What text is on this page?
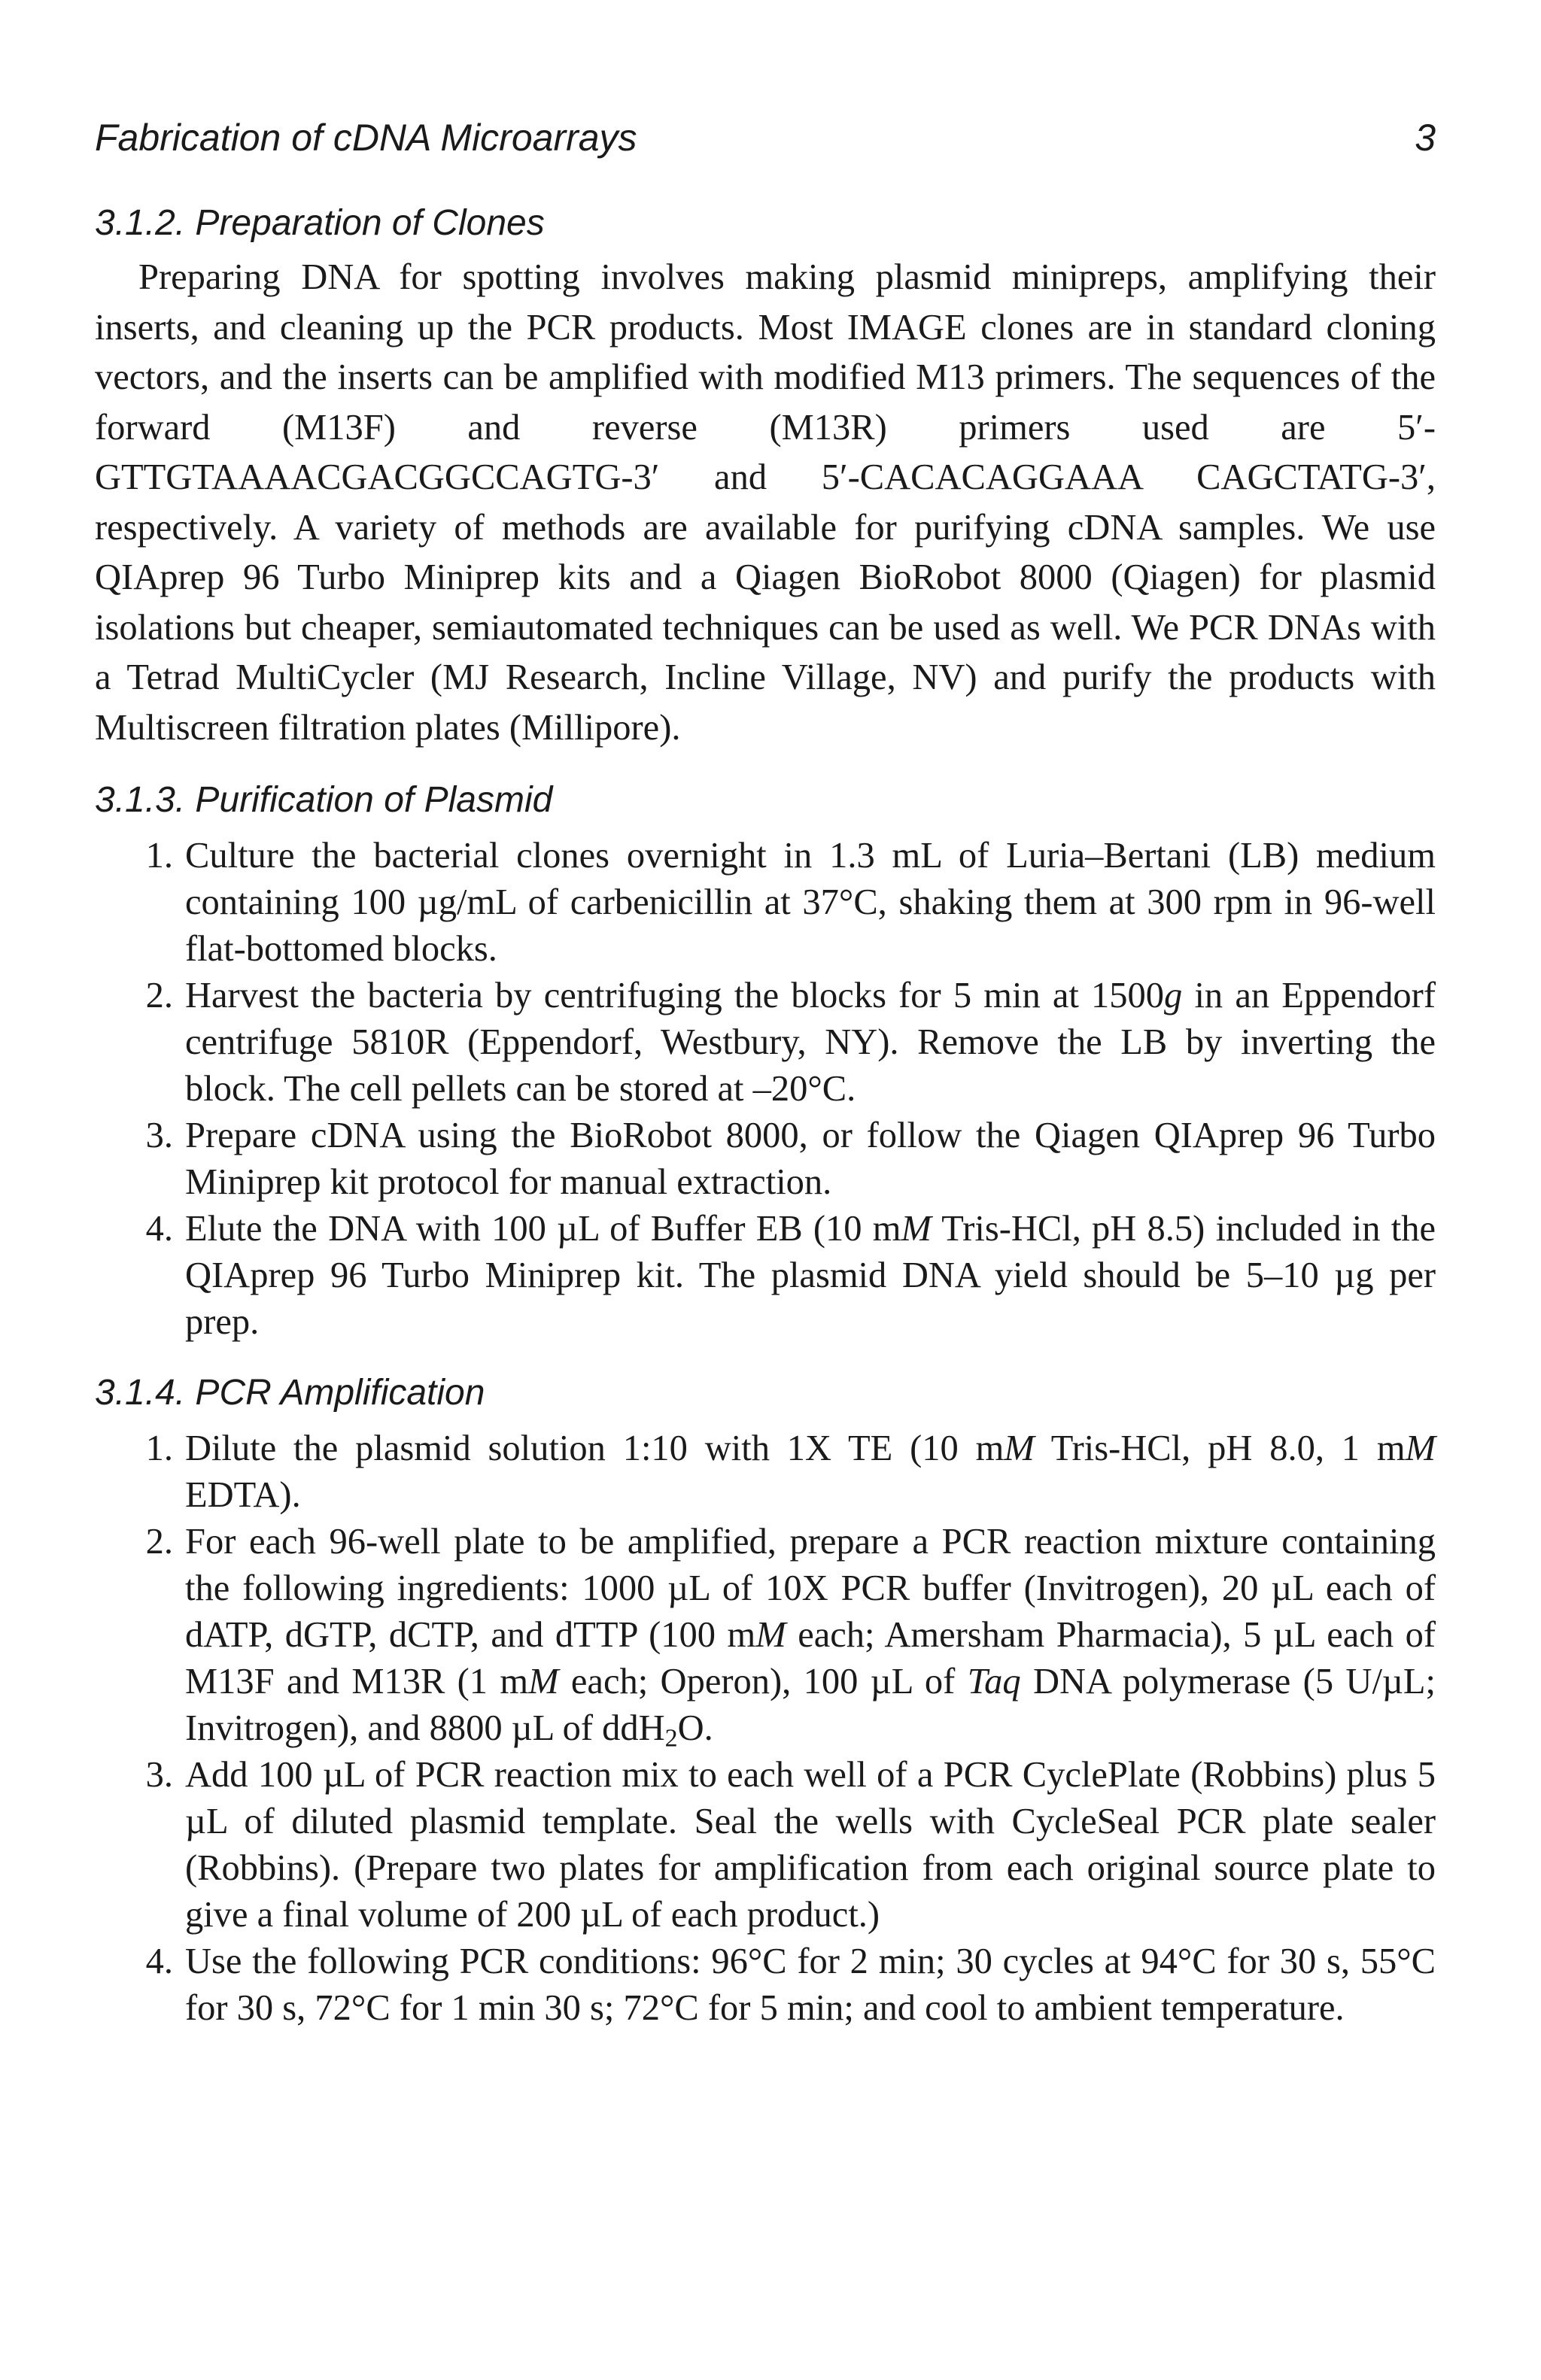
Fabrication of cDNA Microarrays	3
3.1.2. Preparation of Clones

Preparing DNA for spotting involves making plasmid minipreps, amplifying their inserts, and cleaning up the PCR products. Most IMAGE clones are in standard cloning vectors, and the inserts can be amplified with modified M13 primers. The sequences of the forward (M13F) and reverse (M13R) primers used are 5′-GTTGTAAAACGACGGCCAGTG-3′ and 5′-CACACAGGAAA CAGCTATG-3′, respectively. A variety of methods are available for purifying cDNA samples. We use QIAprep 96 Turbo Miniprep kits and a Qiagen BioRobot 8000 (Qiagen) for plasmid isolations but cheaper, semiautomated techniques can be used as well. We PCR DNAs with a Tetrad MultiCycler (MJ Research, Incline Village, NV) and purify the products with Multiscreen filtration plates (Millipore).

3.1.3. Purification of Plasmid
1. Culture the bacterial clones overnight in 1.3 mL of Luria–Bertani (LB) medium containing 100 µg/mL of carbenicillin at 37°C, shaking them at 300 rpm in 96-well flat-bottomed blocks.
2. Harvest the bacteria by centrifuging the blocks for 5 min at 1500g in an Eppendorf centrifuge 5810R (Eppendorf, Westbury, NY). Remove the LB by inverting the block. The cell pellets can be stored at –20°C.
3. Prepare cDNA using the BioRobot 8000, or follow the Qiagen QIAprep 96 Turbo Miniprep kit protocol for manual extraction.
4. Elute the DNA with 100 µL of Buffer EB (10 mM Tris-HCl, pH 8.5) included in the QIAprep 96 Turbo Miniprep kit. The plasmid DNA yield should be 5–10 µg per prep.
3.1.4. PCR Amplification
1. Dilute the plasmid solution 1:10 with 1X TE (10 mM Tris-HCl, pH 8.0, 1 mM EDTA).
2. For each 96-well plate to be amplified, prepare a PCR reaction mixture containing the following ingredients: 1000 µL of 10X PCR buffer (Invitrogen), 20 µL each of dATP, dGTP, dCTP, and dTTP (100 mM each; Amersham Pharmacia), 5 µL each of M13F and M13R (1 mM each; Operon), 100 µL of Taq DNA polymerase (5 U/µL; Invitrogen), and 8800 µL of ddH$_2$O.
3. Add 100 µL of PCR reaction mix to each well of a PCR CyclePlate (Robbins) plus 5 µL of diluted plasmid template. Seal the wells with CycleSeal PCR plate sealer (Robbins). (Prepare two plates for amplification from each original source plate to give a final volume of 200 µL of each product.)
4. Use the following PCR conditions: 96°C for 2 min; 30 cycles at 94°C for 30 s, 55°C for 30 s, 72°C for 1 min 30 s; 72°C for 5 min; and cool to ambient temperature.
